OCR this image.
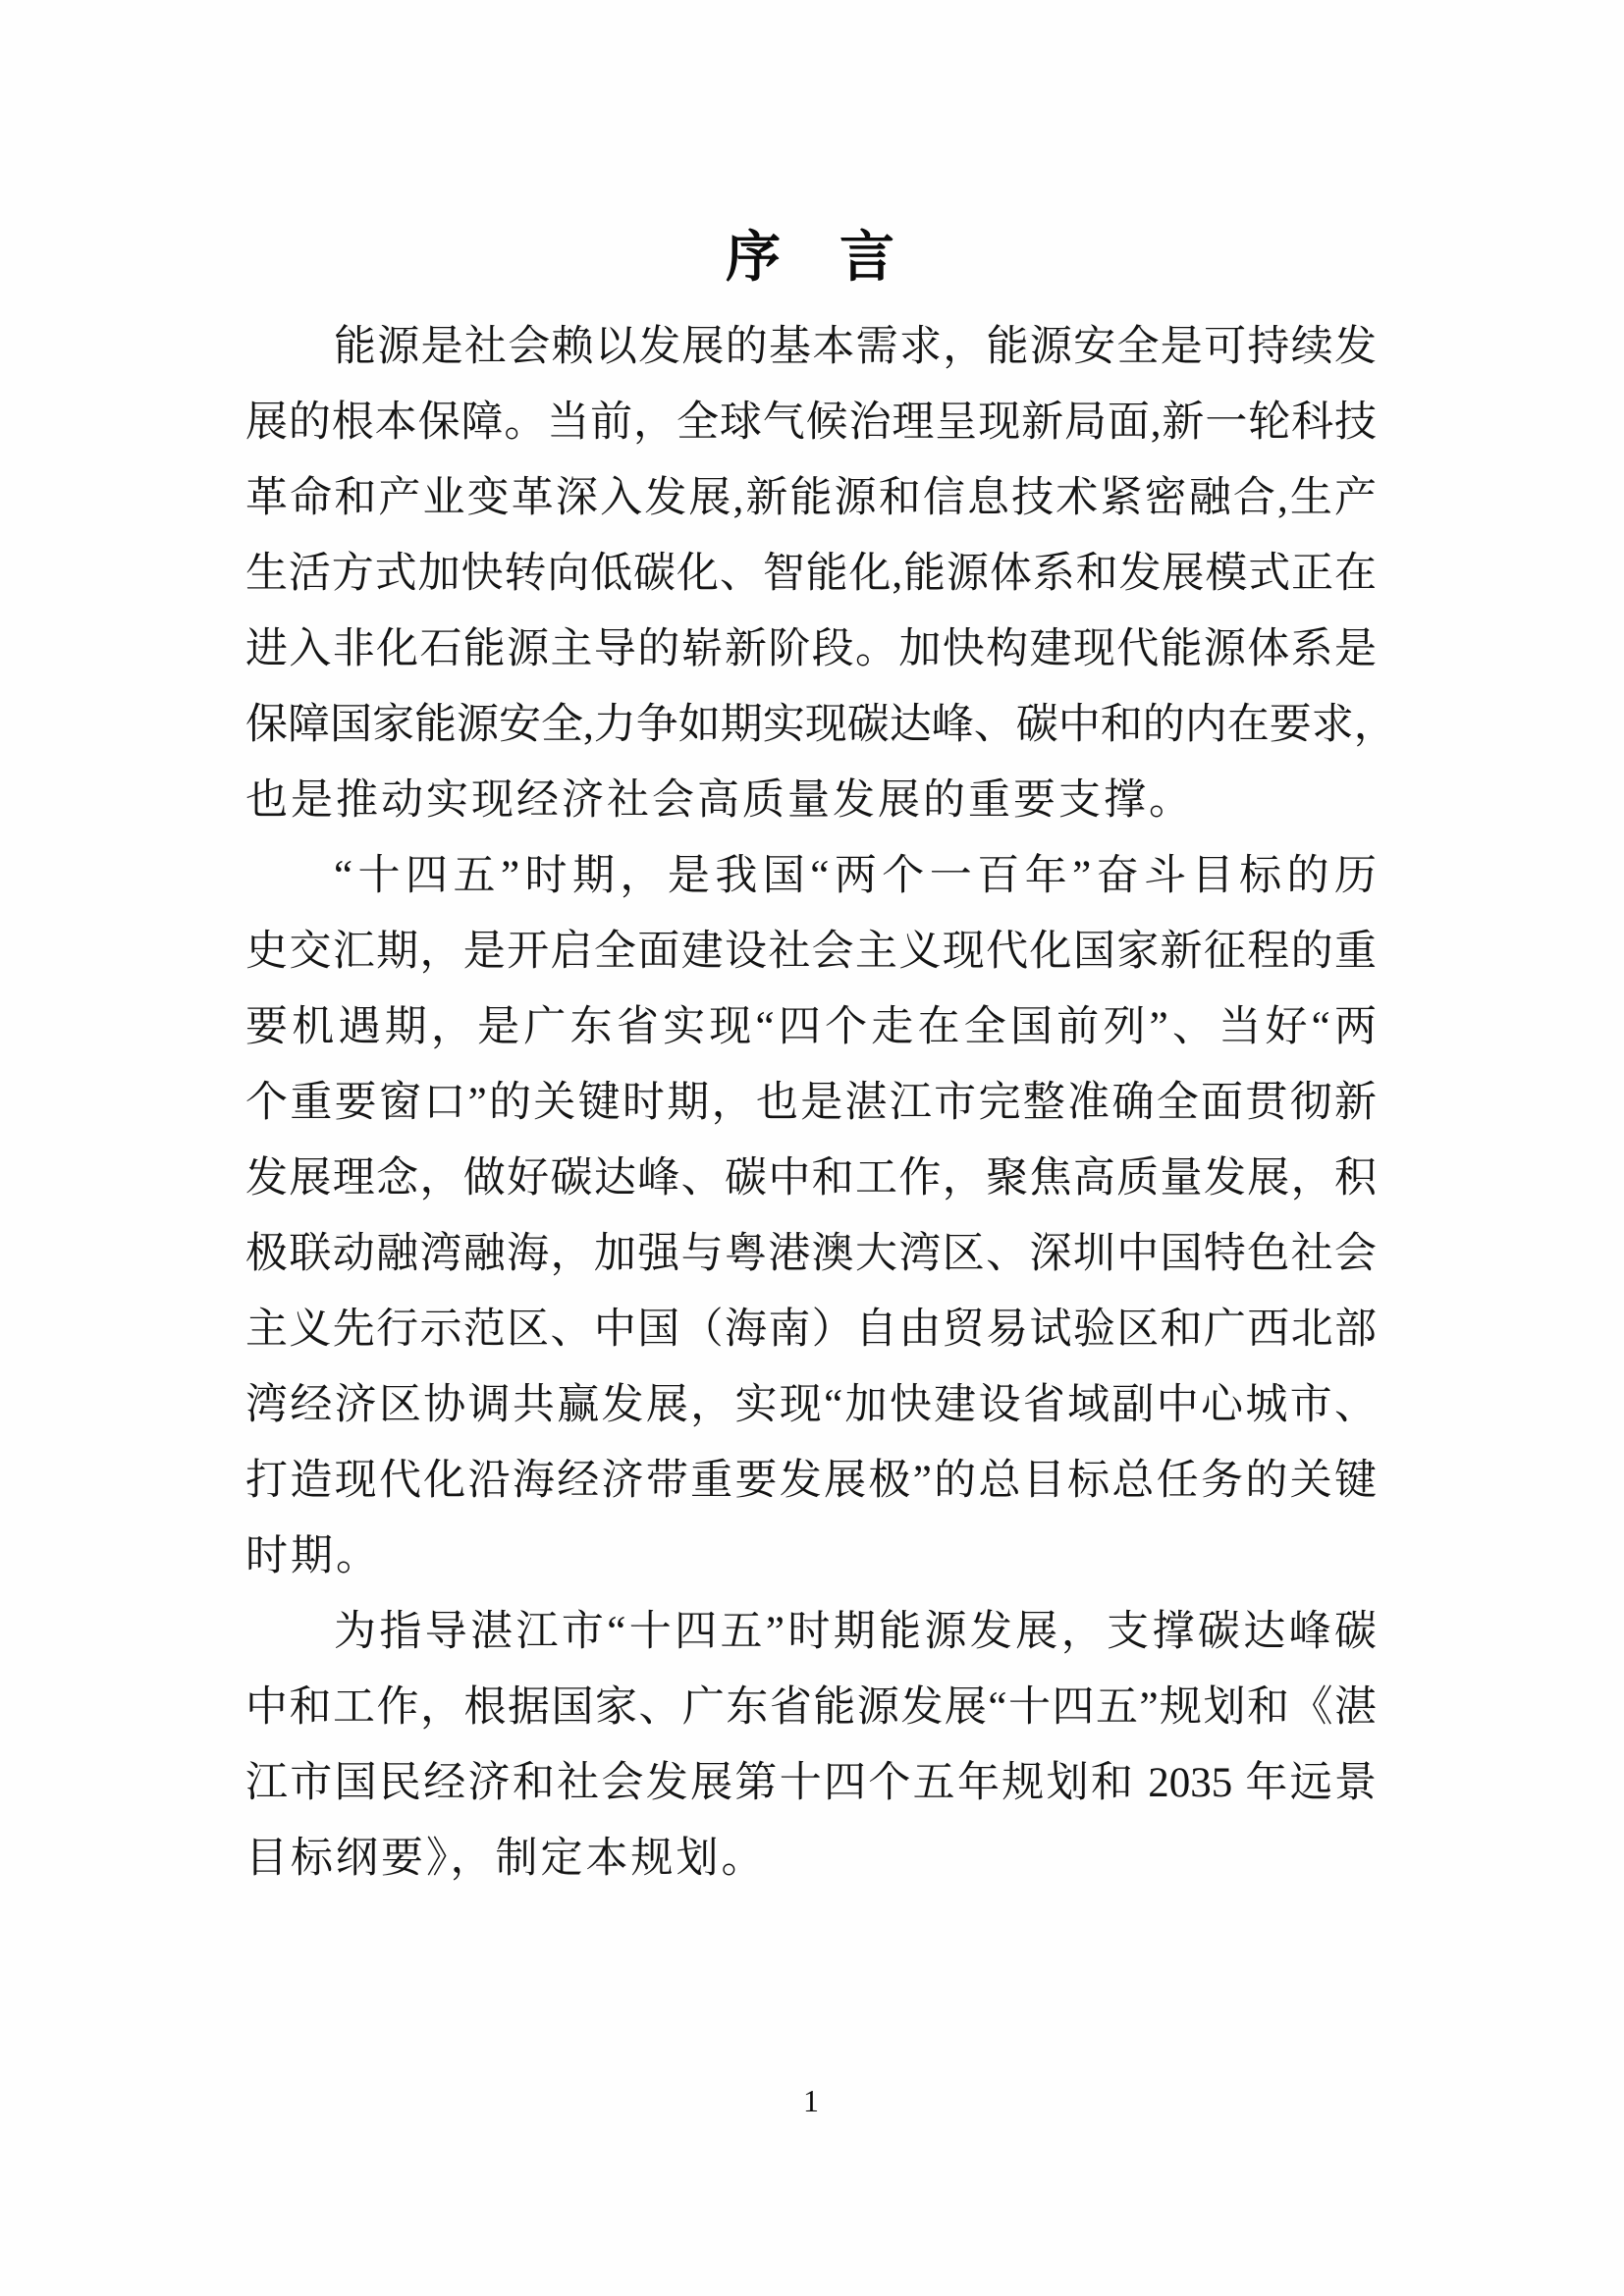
序　言
能源是社会赖以发展的基本需求，能源安全是可持续发
展的根本保障。当前，全球气候治理呈现新局面,新一轮科技
革命和产业变革深入发展,新能源和信息技术紧密融合,生产
生活方式加快转向低碳化、智能化,能源体系和发展模式正在
进入非化石能源主导的崭新阶段。加快构建现代能源体系是
保障国家能源安全,力争如期实现碳达峰、碳中和的内在要求，
也是推动实现经济社会高质量发展的重要支撑。
“十四五”时期，是我国“两个一百年”奋斗目标的历
史交汇期，是开启全面建设社会主义现代化国家新征程的重
要机遇期，是广东省实现“四个走在全国前列”、当好“两
个重要窗口”的关键时期，也是湛江市完整准确全面贯彻新
发展理念，做好碳达峰、碳中和工作，聚焦高质量发展，积
极联动融湾融海，加强与粤港澳大湾区、深圳中国特色社会
主义先行示范区、中国（海南）自由贸易试验区和广西北部
湾经济区协调共赢发展，实现“加快建设省域副中心城市、
打造现代化沿海经济带重要发展极”的总目标总任务的关键
时期。
为指导湛江市“十四五”时期能源发展，支撑碳达峰碳
中和工作，根据国家、广东省能源发展“十四五”规划和《湛
江市国民经济和社会发展第十四个五年规划和 2035 年远景
目标纲要》，制定本规划。
1
